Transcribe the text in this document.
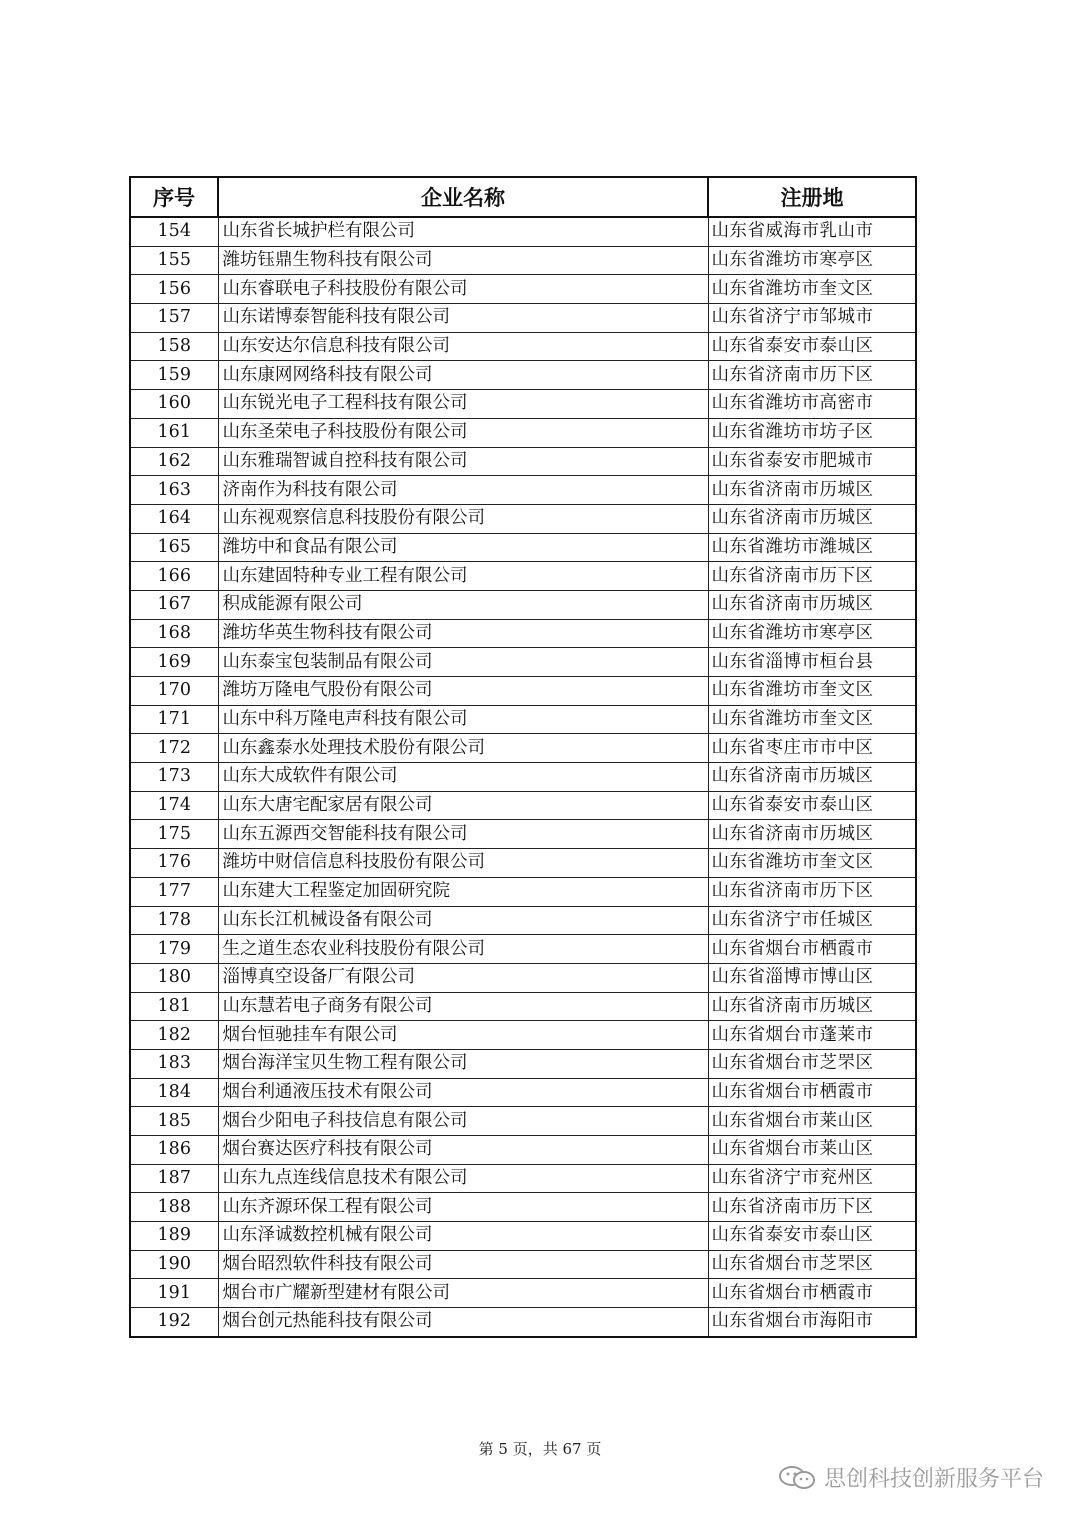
序号	企业名称	注册地
154	山东省长城护栏有限公司	山东省威海市乳山市
155	潍坊钰鼎生物科技有限公司	山东省潍坊市寒亭区
156	山东睿联电子科技股份有限公司	山东省潍坊市奎文区
157	山东诺博泰智能科技有限公司	山东省济宁市邹城市
158	山东安达尔信息科技有限公司	山东省泰安市泰山区
159	山东康网网络科技有限公司	山东省济南市历下区
160	山东锐光电子工程科技有限公司	山东省潍坊市高密市
161	山东圣荣电子科技股份有限公司	山东省潍坊市坊子区
162	山东雅瑞智诚自控科技有限公司	山东省泰安市肥城市
163	济南作为科技有限公司	山东省济南市历城区
164	山东视观察信息科技股份有限公司	山东省济南市历城区
165	潍坊中和食品有限公司	山东省潍坊市潍城区
166	山东建固特种专业工程有限公司	山东省济南市历下区
167	积成能源有限公司	山东省济南市历城区
168	潍坊华英生物科技有限公司	山东省潍坊市寒亭区
169	山东泰宝包装制品有限公司	山东省淄博市桓台县
170	潍坊万隆电气股份有限公司	山东省潍坊市奎文区
171	山东中科万隆电声科技有限公司	山东省潍坊市奎文区
172	山东鑫泰水处理技术股份有限公司	山东省枣庄市市中区
173	山东大成软件有限公司	山东省济南市历城区
174	山东大唐宅配家居有限公司	山东省泰安市泰山区
175	山东五源西交智能科技有限公司	山东省济南市历城区
176	潍坊中财信信息科技股份有限公司	山东省潍坊市奎文区
177	山东建大工程鉴定加固研究院	山东省济南市历下区
178	山东长江机械设备有限公司	山东省济宁市任城区
179	生之道生态农业科技股份有限公司	山东省烟台市栖霞市
180	淄博真空设备厂有限公司	山东省淄博市博山区
181	山东慧若电子商务有限公司	山东省济南市历城区
182	烟台恒驰挂车有限公司	山东省烟台市蓬莱市
183	烟台海洋宝贝生物工程有限公司	山东省烟台市芝罘区
184	烟台利通液压技术有限公司	山东省烟台市栖霞市
185	烟台少阳电子科技信息有限公司	山东省烟台市莱山区
186	烟台赛达医疗科技有限公司	山东省烟台市莱山区
187	山东九点连线信息技术有限公司	山东省济宁市兖州区
188	山东齐源环保工程有限公司	山东省济南市历下区
189	山东泽诚数控机械有限公司	山东省泰安市泰山区
190	烟台昭烈软件科技有限公司	山东省烟台市芝罘区
191	烟台市广耀新型建材有限公司	山东省烟台市栖霞市
192	烟台创元热能科技有限公司	山东省烟台市海阳市
第 5 页，共 67 页
思创科技创新服务平台
